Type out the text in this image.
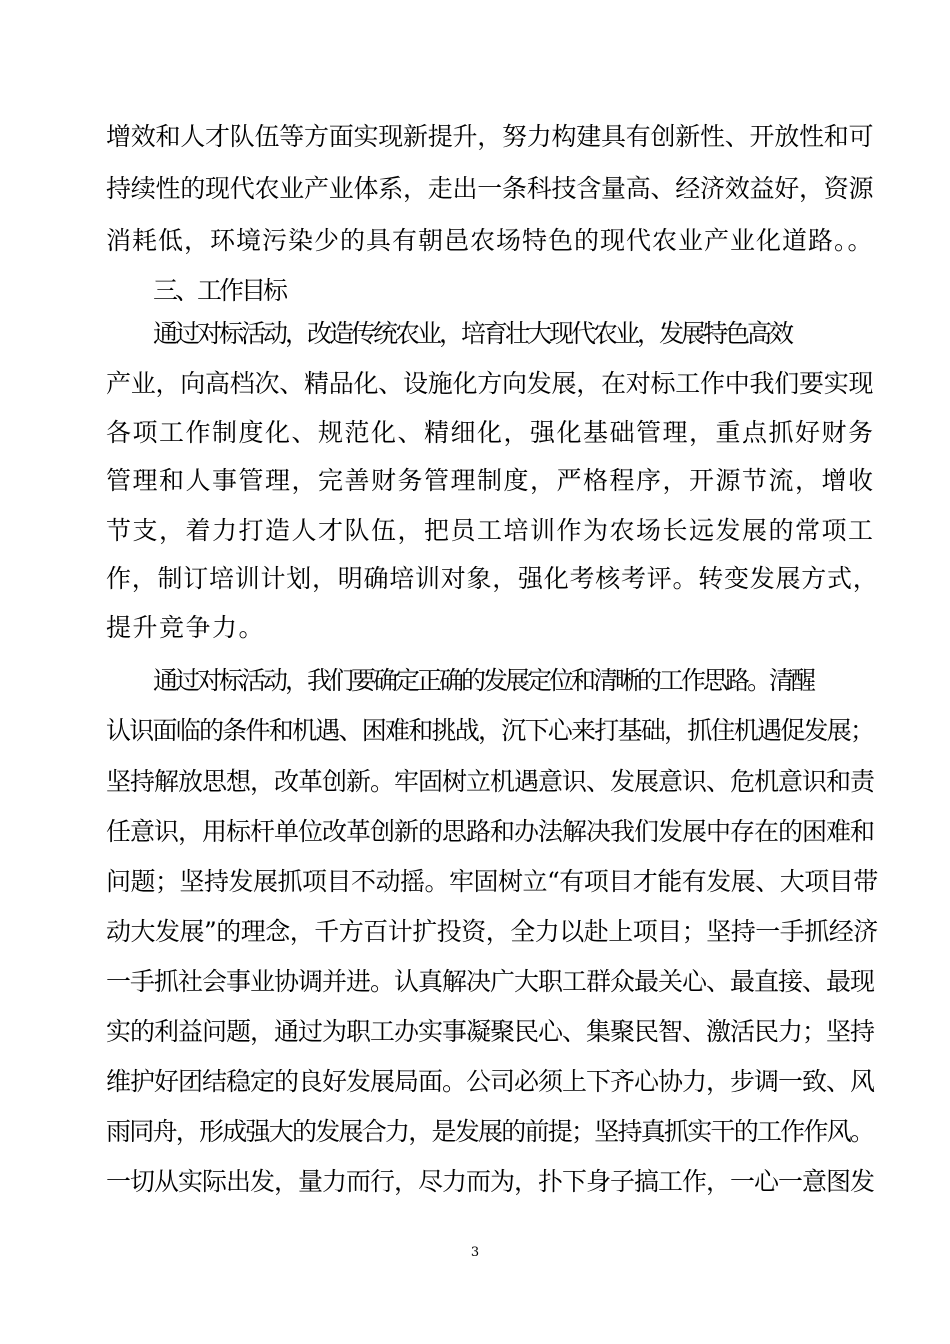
增效和人才队伍等方面实现新提升，努力构建具有创新性、开放性和可
持续性的现代农业产业体系，走出一条科技含量高、经济效益好，资源
消耗低，环境污染少的具有朝邑农场特色的现代农业产业化道路。。
三、工作目标
通过对标活动，改造传统农业，培育壮大现代农业，发展特色高效
产业，向高档次、精品化、设施化方向发展，在对标工作中我们要实现
各项工作制度化、规范化、精细化，强化基础管理，重点抓好财务
管理和人事管理，完善财务管理制度，严格程序，开源节流，增收
节支，着力打造人才队伍，把员工培训作为农场长远发展的常项工
作，制订培训计划，明确培训对象，强化考核考评。转变发展方式，
提升竞争力。
通过对标活动，我们要确定正确的发展定位和清晰的工作思路。清醒
认识面临的条件和机遇、困难和挑战，沉下心来打基础，抓住机遇促发展；
坚持解放思想，改革创新。牢固树立机遇意识、发展意识、危机意识和责
任意识，用标杆单位改革创新的思路和办法解决我们发展中存在的困难和
问题；坚持发展抓项目不动摇。牢固树立“有项目才能有发展、大项目带
动大发展”的理念，千方百计扩投资，全力以赴上项目；坚持一手抓经济
一手抓社会事业协调并进。认真解决广大职工群众最关心、最直接、最现
实的利益问题，通过为职工办实事凝聚民心、集聚民智、激活民力；坚持
维护好团结稳定的良好发展局面。公司必须上下齐心协力，步调一致、风
雨同舟，形成强大的发展合力，是发展的前提；坚持真抓实干的工作作风。
一切从实际出发，量力而行，尽力而为，扑下身子搞工作，一心一意图发
3
